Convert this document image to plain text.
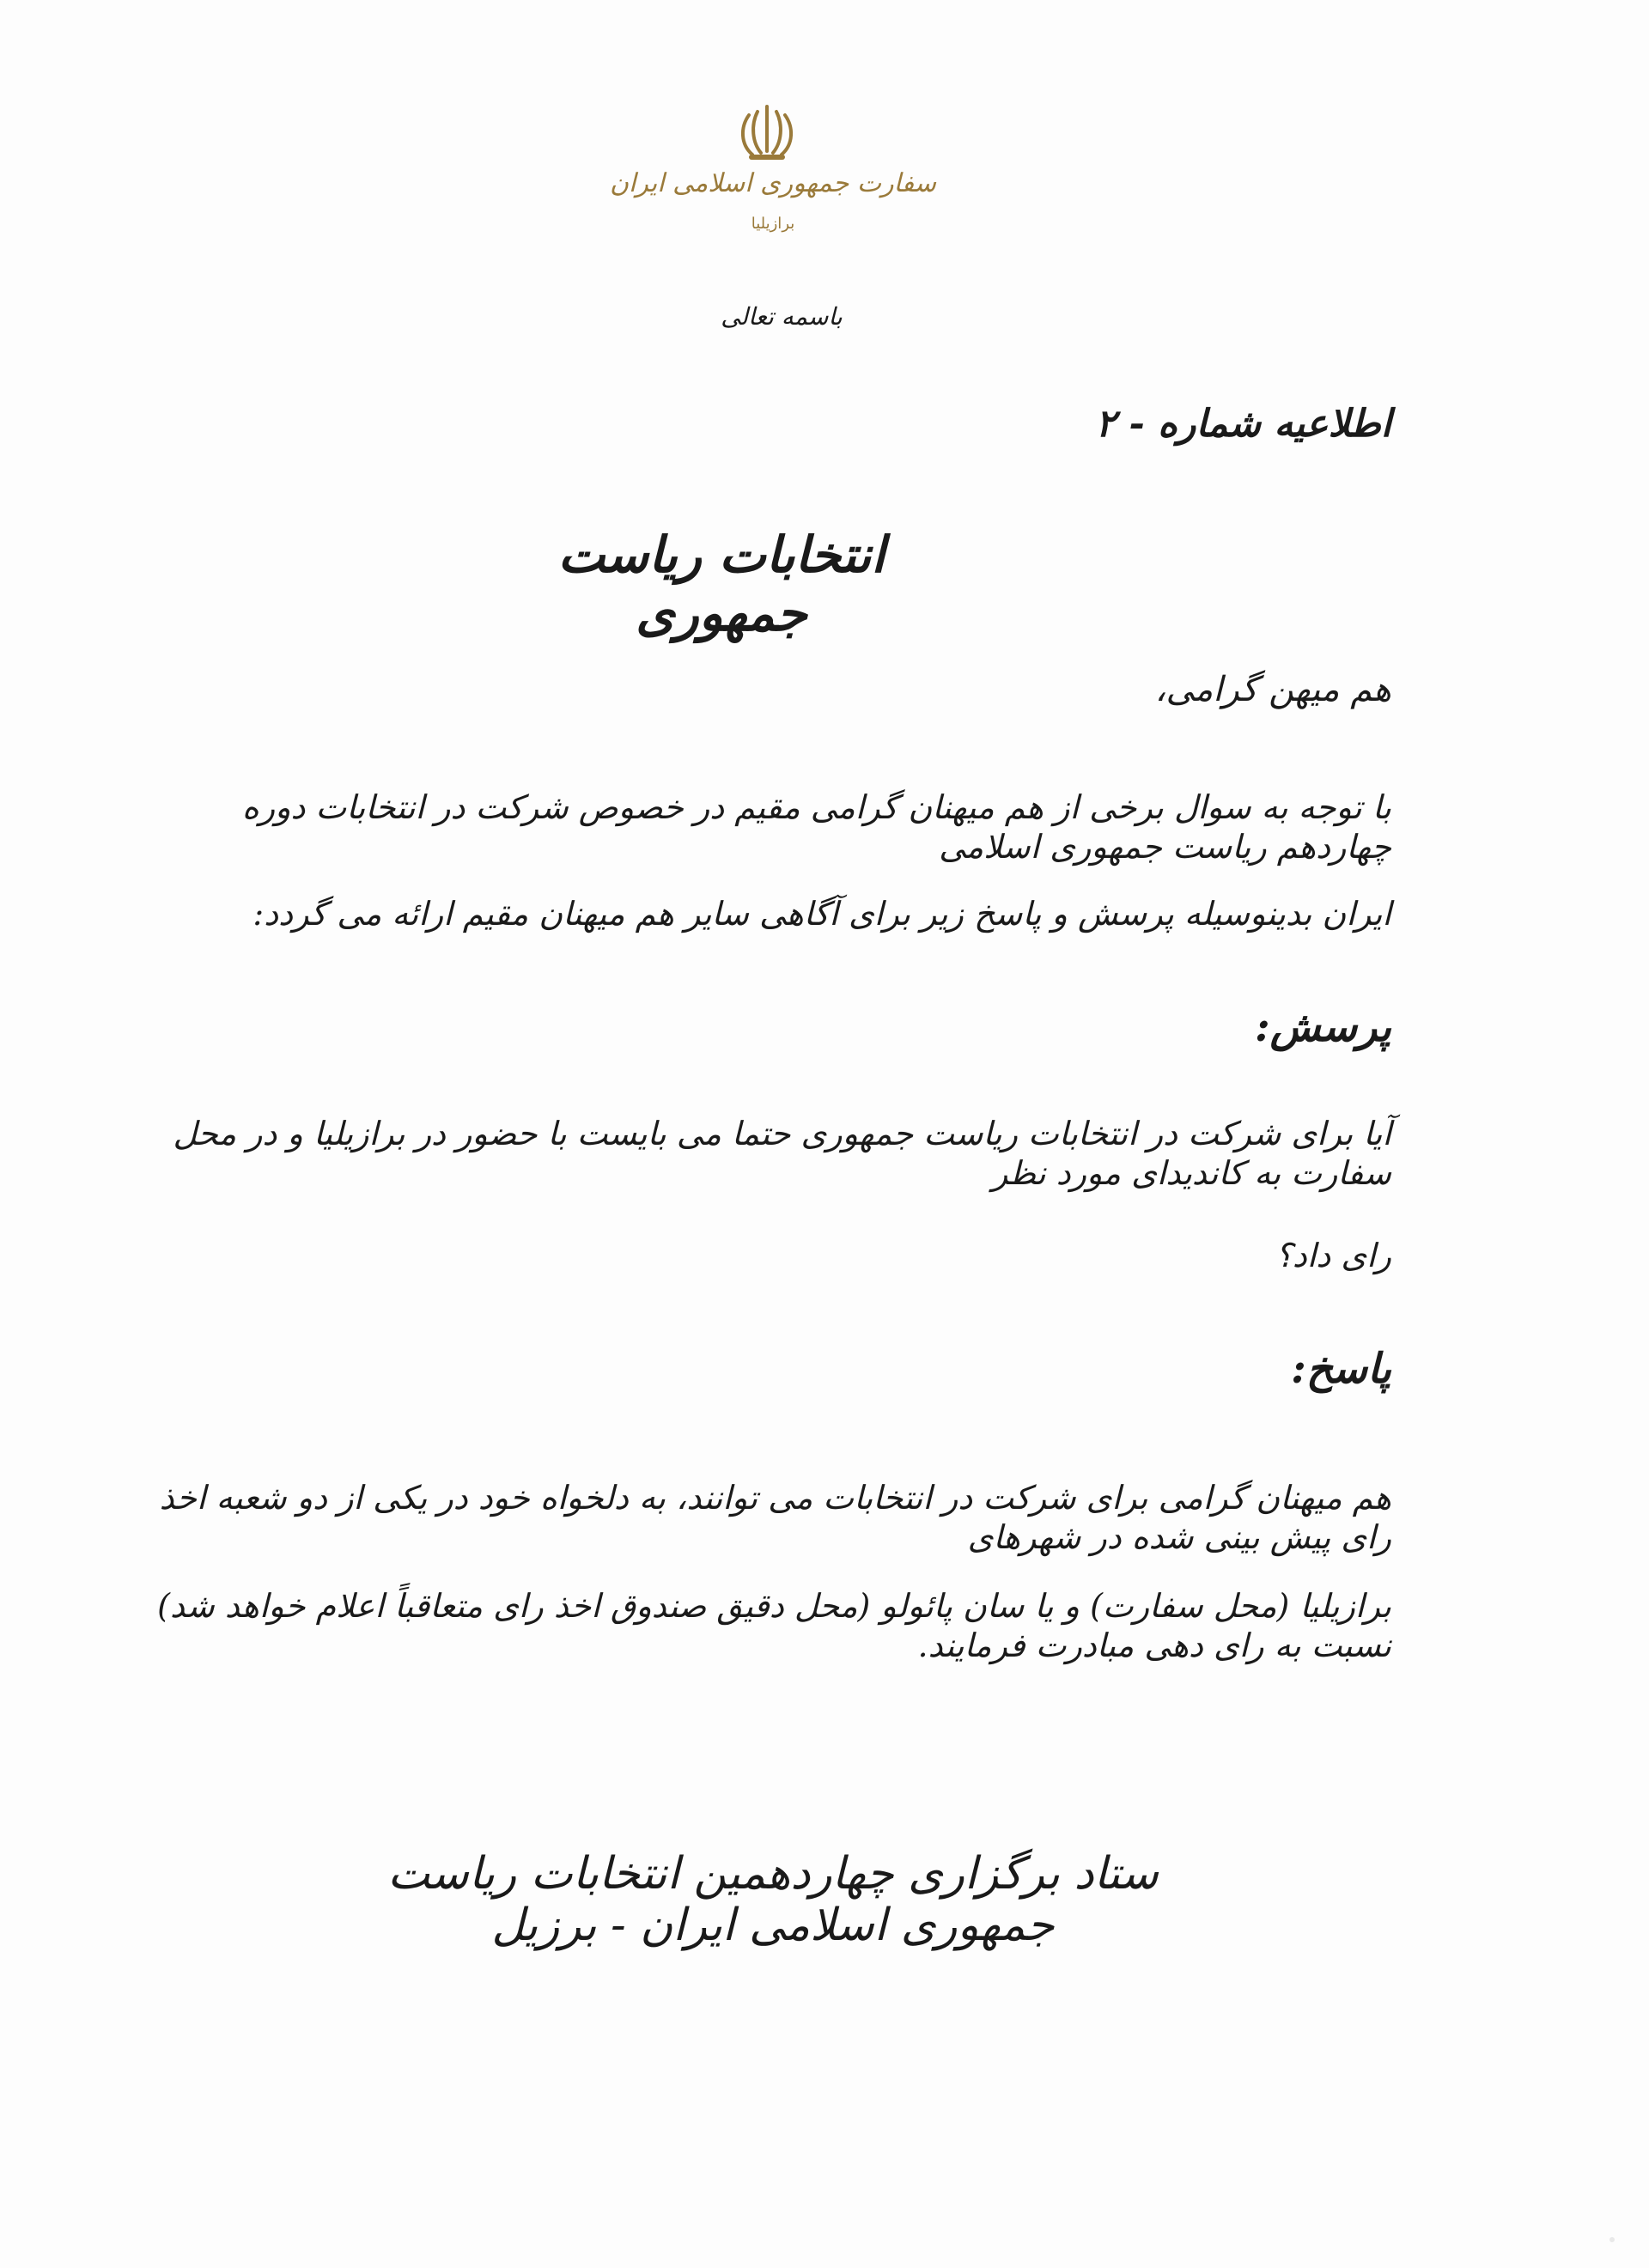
سفارت جمهوری اسلامی ایران
برازیلیا
باسمه تعالی
اطلاعیه شماره - ۲
انتخابات ریاست جمهوری
هم میهن گرامی،
با توجه به سوال برخی از هم میهنان گرامی مقیم در خصوص شرکت در انتخابات دوره چهاردهم ریاست جمهوری اسلامی
ایران بدینوسیله پرسش و پاسخ زیر برای آگاهی سایر هم میهنان مقیم ارائه می گردد:
پرسش:
آیا برای شرکت در انتخابات ریاست جمهوری حتما می بایست با حضور در برازیلیا و در محل سفارت به کاندیدای مورد نظر
رای داد؟
پاسخ:
هم میهنان گرامی برای شرکت در انتخابات می توانند، به دلخواه خود در یکی از دو شعبه اخذ رای پیش بینی شده در شهرهای
برازیلیا (محل سفارت) و یا سان پائولو (محل دقیق صندوق اخذ رای متعاقباً اعلام خواهد شد) نسبت به رای دهی مبادرت فرمایند.
ستاد برگزاری چهاردهمین انتخابات ریاست جمهوری اسلامی ایران - برزیل
